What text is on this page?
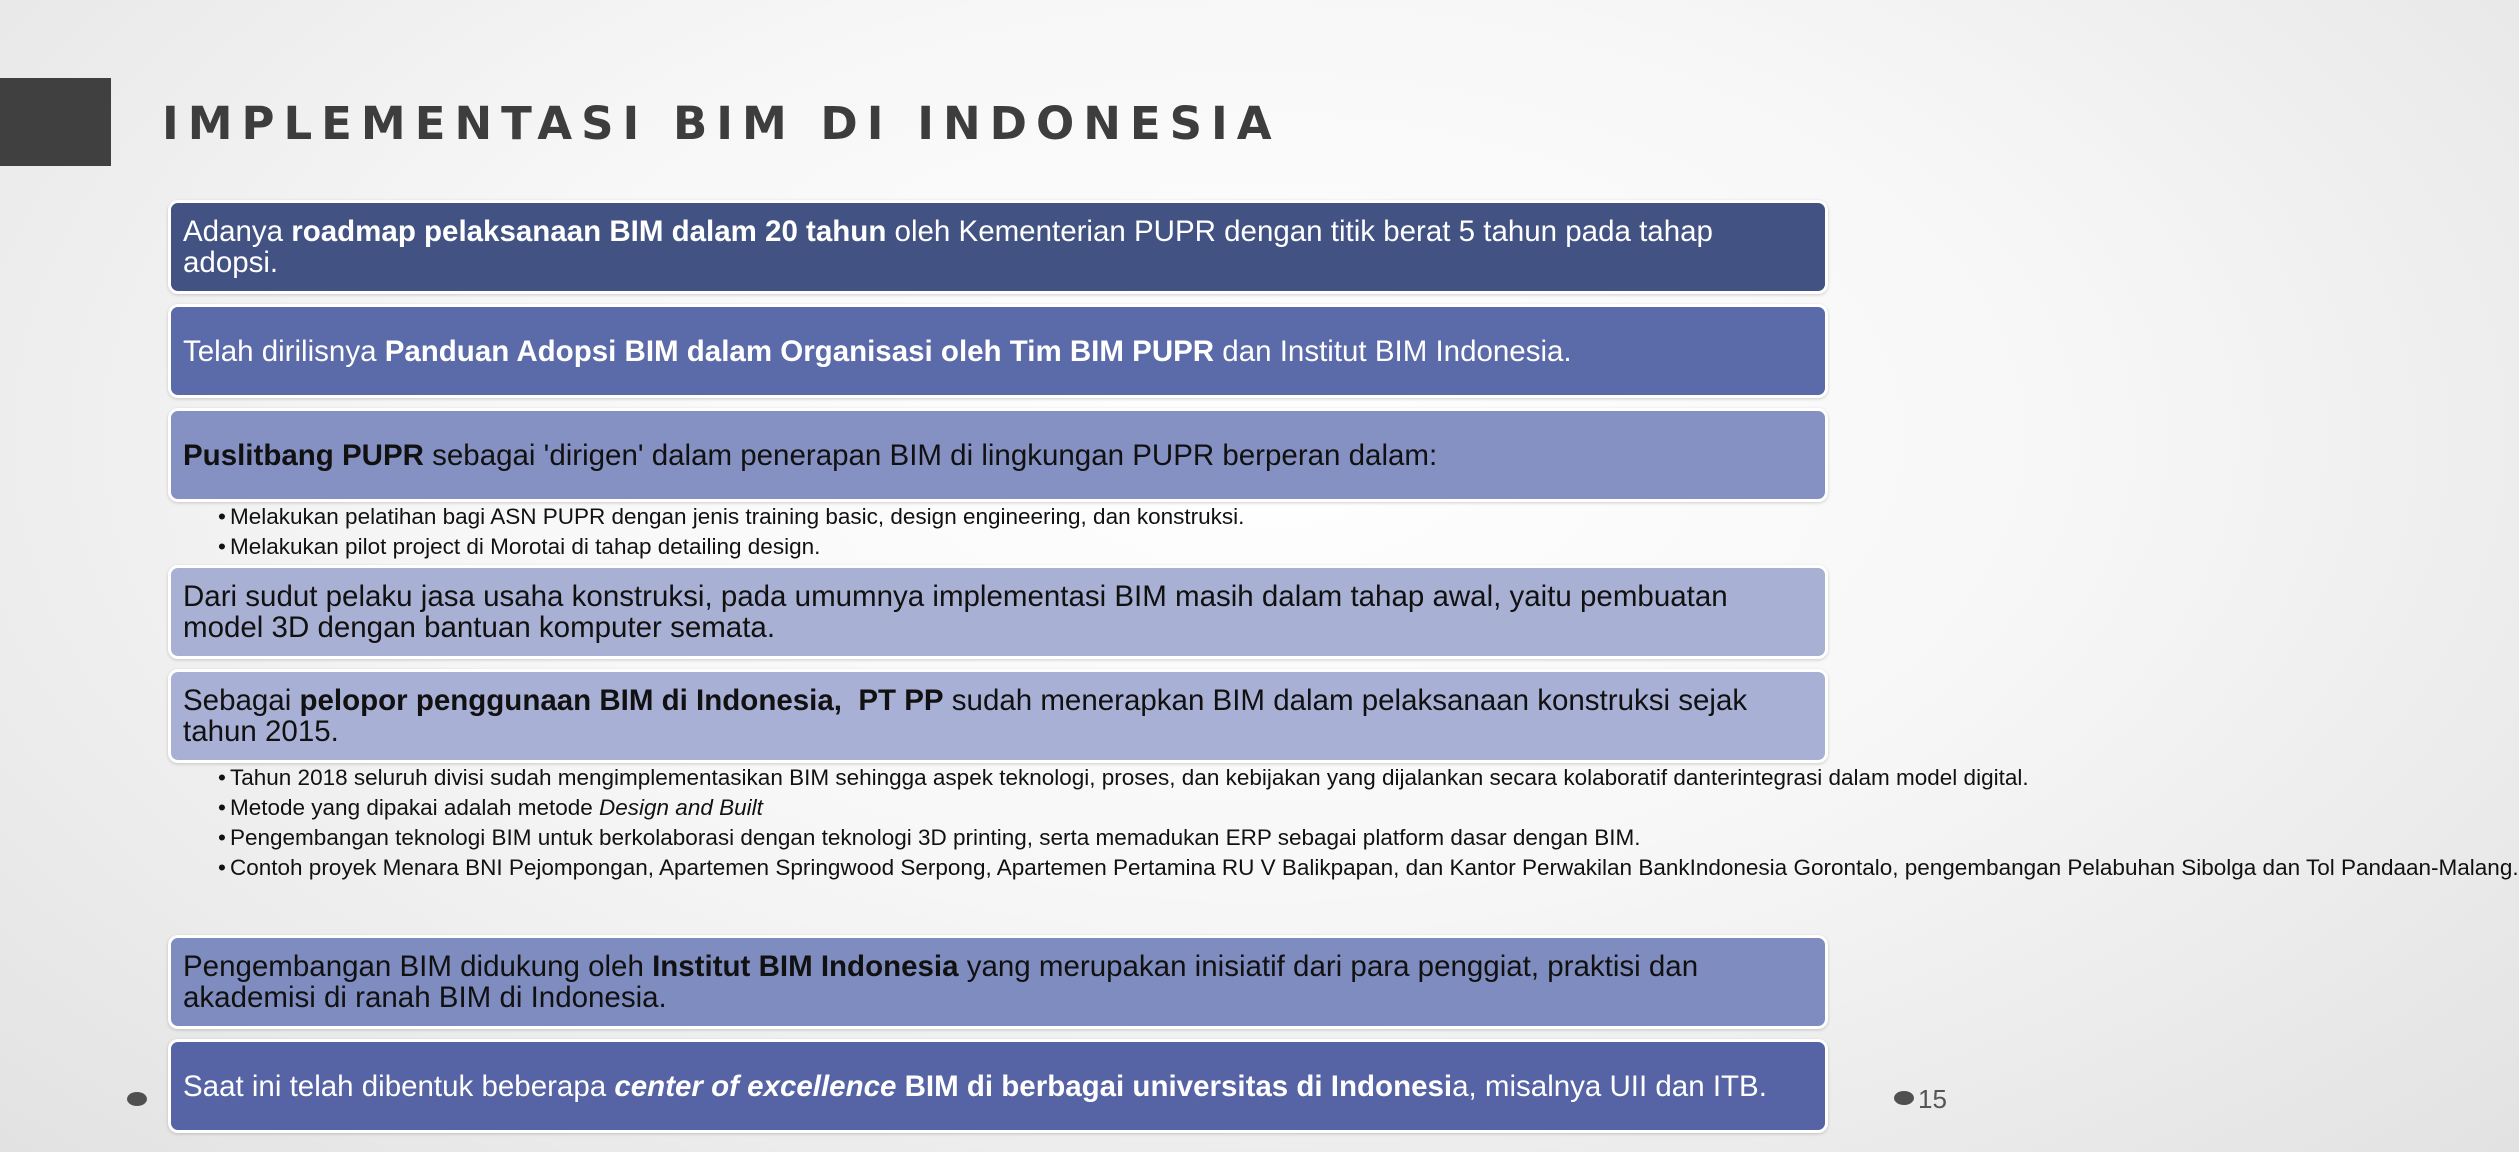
IMPLEMENTASI BIM DI INDONESIA
Adanya roadmap pelaksanaan BIM dalam 20 tahun oleh Kementerian PUPR dengan titik berat 5 tahun pada tahap
adopsi.
Telah dirilisnya Panduan Adopsi BIM dalam Organisasi oleh Tim BIM PUPR dan Institut BIM Indonesia.
Puslitbang PUPR sebagai 'dirigen' dalam penerapan BIM di lingkungan PUPR berperan dalam:
• Melakukan pelatihan bagi ASN PUPR dengan jenis training basic, design engineering, dan konstruksi.
• Melakukan pilot project di Morotai di tahap detailing design.
Dari sudut pelaku jasa usaha konstruksi, pada umumnya implementasi BIM masih dalam tahap awal, yaitu pembuatan
model 3D dengan bantuan komputer semata.
Sebagai pelopor penggunaan BIM di Indonesia,  PT PP sudah menerapkan BIM dalam pelaksanaan konstruksi sejak
tahun 2015.
• Tahun 2018 seluruh divisi sudah mengimplementasikan BIM sehingga aspek teknologi, proses, dan kebijakan yang dijalankan secara kolaboratif danterintegrasi dalam model digital.
• Metode yang dipakai adalah metode Design and Built
• Pengembangan teknologi BIM untuk berkolaborasi dengan teknologi 3D printing, serta memadukan ERP sebagai platform dasar dengan BIM.
• Contoh proyek Menara BNI Pejompongan, Apartemen Springwood Serpong, Apartemen Pertamina RU V Balikpapan, dan Kantor Perwakilan BankIndonesia Gorontalo, pengembangan Pelabuhan Sibolga dan Tol Pandaan-Malang.
Pengembangan BIM didukung oleh Institut BIM Indonesia yang merupakan inisiatif dari para penggiat, praktisi dan
akademisi di ranah BIM di Indonesia.
Saat ini telah dibentuk beberapa center of excellence BIM di berbagai universitas di Indonesia, misalnya UII dan ITB.	15
